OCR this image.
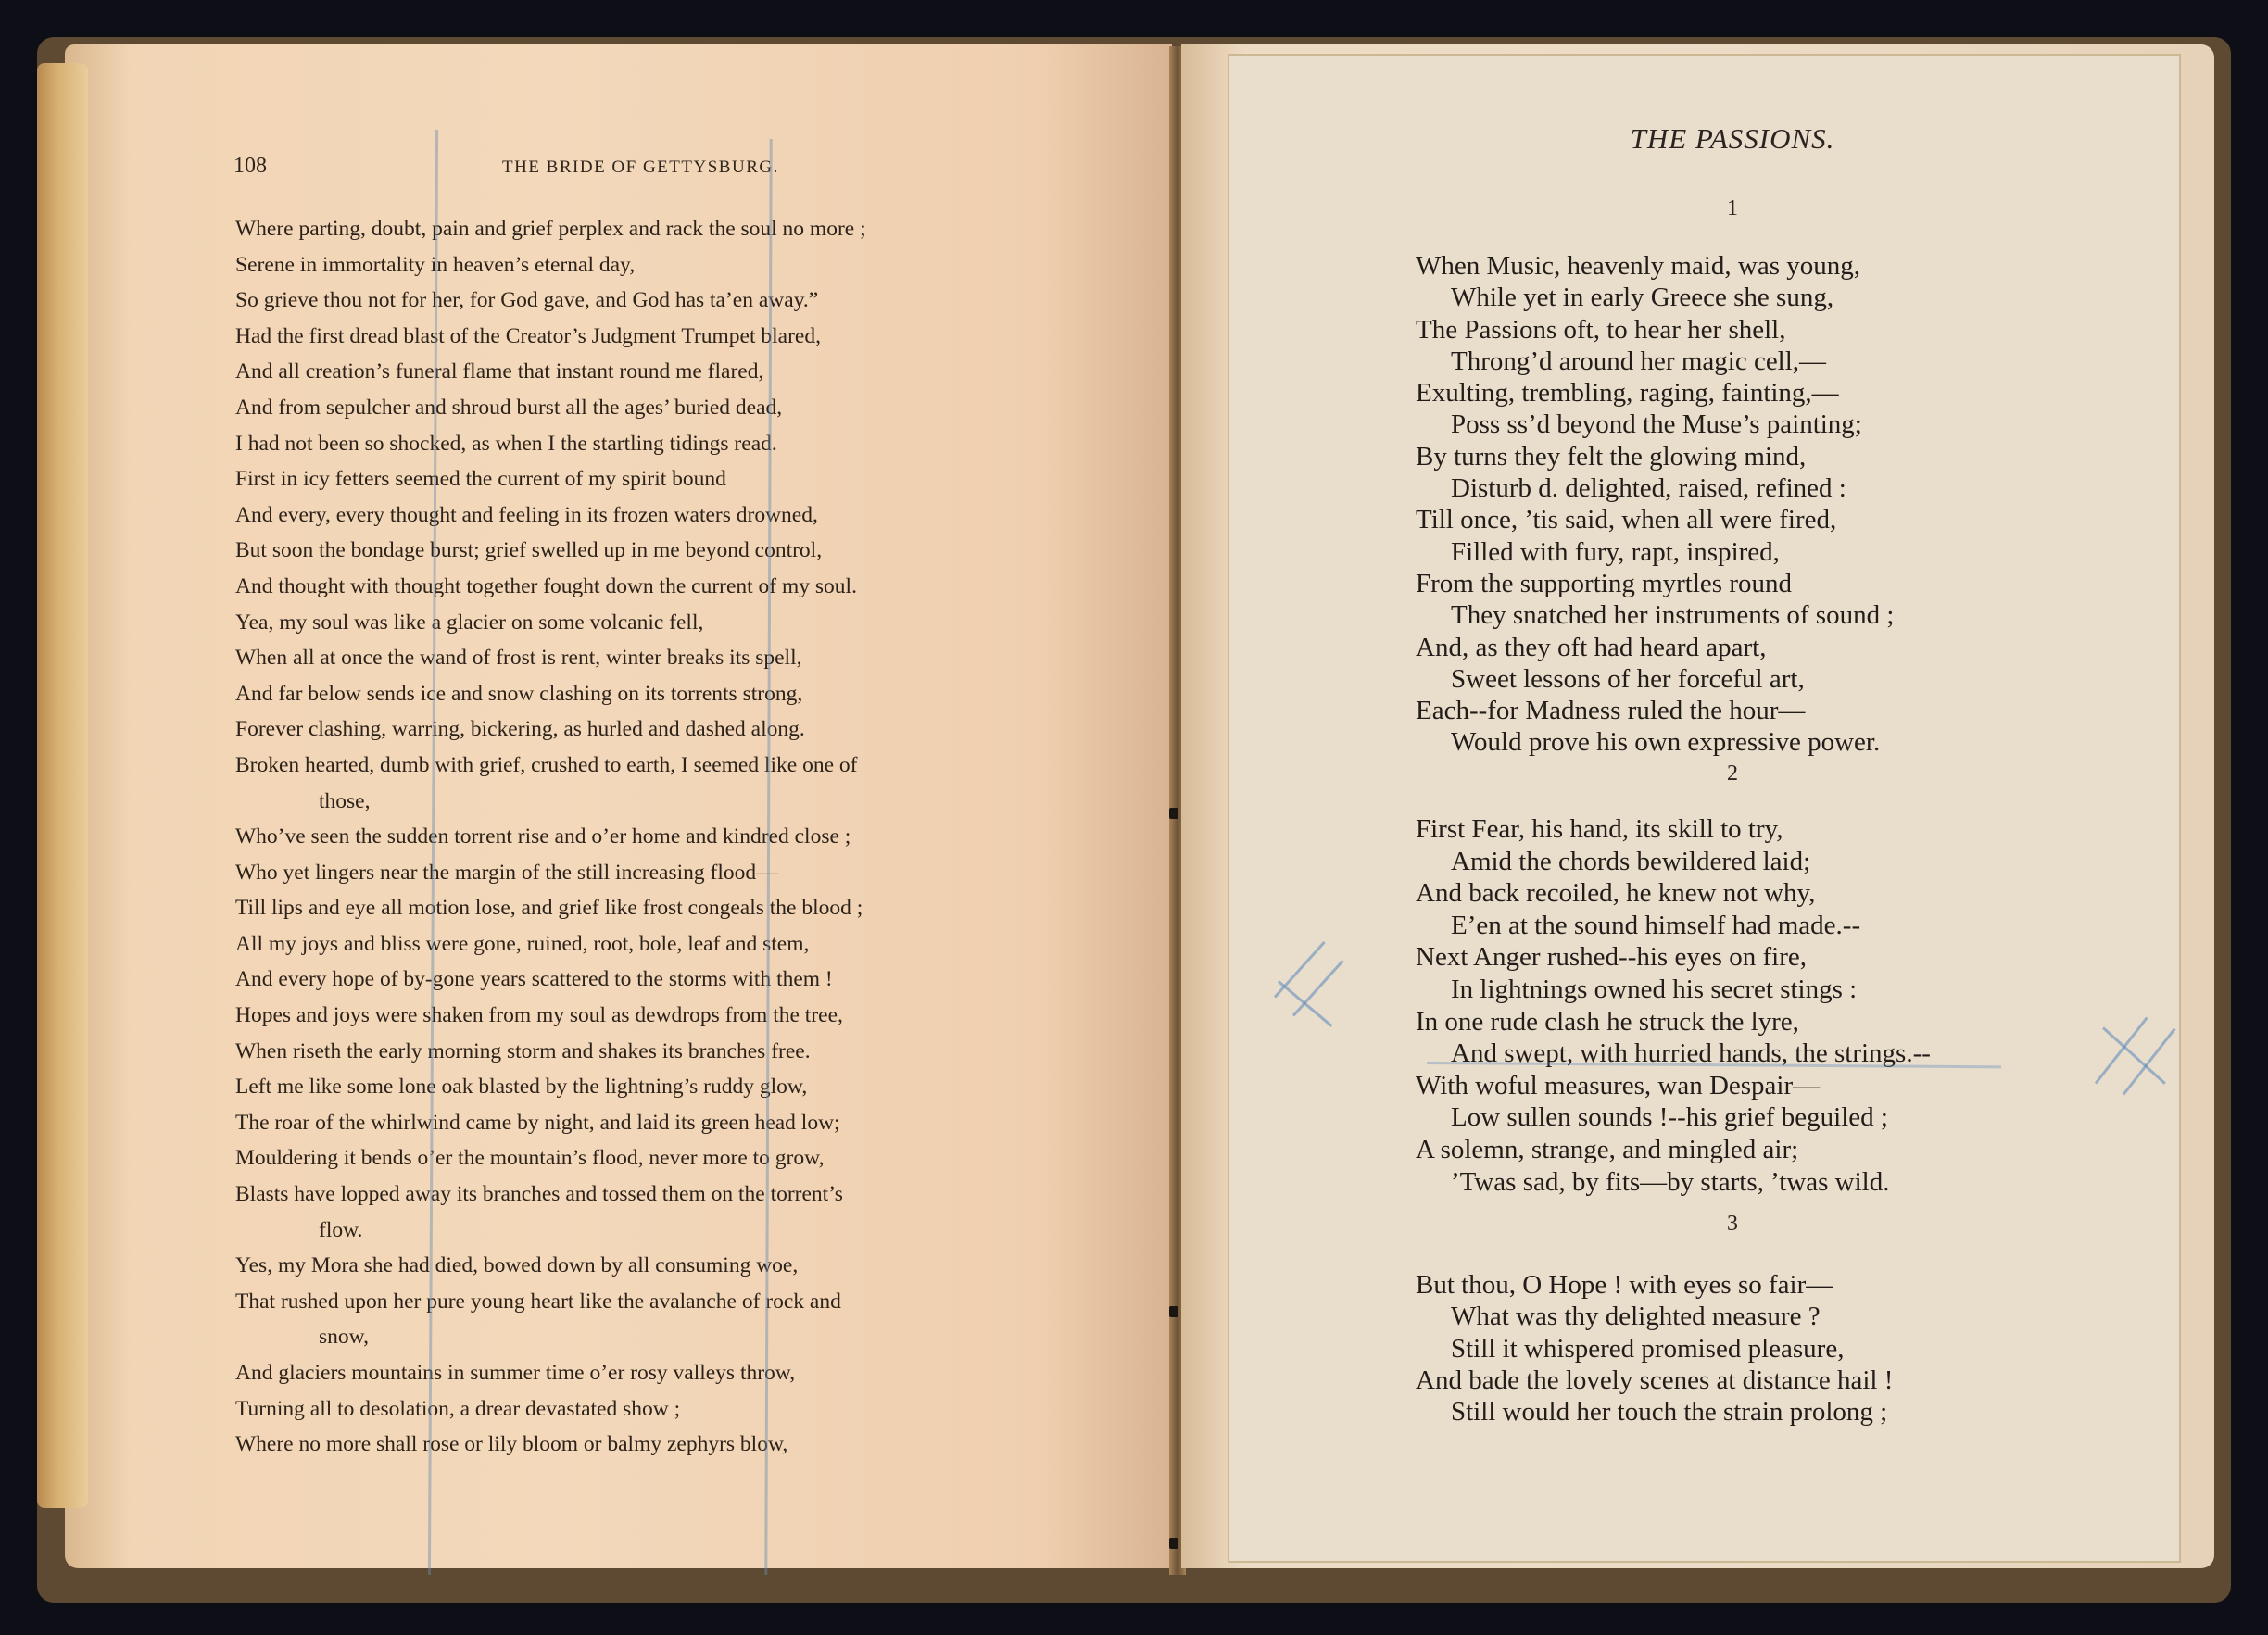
108	THE BRIDE OF GETTYSBURG.
Where parting, doubt, pain and grief perplex and rack the soul no more ;
Serene in immortality in heaven’s eternal day,
So grieve thou not for her, for God gave, and God has ta’en away.”
Had the first dread blast of the Creator’s Judgment Trumpet blared,
And all creation’s funeral flame that instant round me flared,
And from sepulcher and shroud burst all the ages’ buried dead,
I had not been so shocked, as when I the startling tidings read.
First in icy fetters seemed the current of my spirit bound
And every, every thought and feeling in its frozen waters drowned,
But soon the bondage burst; grief swelled up in me beyond control,
And thought with thought together fought down the current of my soul.
Yea, my soul was like a glacier on some volcanic fell,
When all at once the wand of frost is rent, winter breaks its spell,
And far below sends ice and snow clashing on its torrents strong,
Forever clashing, warring, bickering, as hurled and dashed along.
Broken hearted, dumb with grief, crushed to earth, I seemed like one of
those,
Who’ve seen the sudden torrent rise and o’er home and kindred close ;
Who yet lingers near the margin of the still increasing flood—
Till lips and eye all motion lose, and grief like frost congeals the blood ;
All my joys and bliss were gone, ruined, root, bole, leaf and stem,
And every hope of by-gone years scattered to the storms with them !
Hopes and joys were shaken from my soul as dewdrops from the tree,
When riseth the early morning storm and shakes its branches free.
Left me like some lone oak blasted by the lightning’s ruddy glow,
The roar of the whirlwind came by night, and laid its green head low;
Mouldering it bends o’er the mountain’s flood, never more to grow,
Blasts have lopped away its branches and tossed them on the torrent’s
flow.
Yes, my Mora she had died, bowed down by all consuming woe,
That rushed upon her pure young heart like the avalanche of rock and
snow,
And glaciers mountains in summer time o’er rosy valleys throw,
Turning all to desolation, a drear devastated show ;
Where no more shall rose or lily bloom or balmy zephyrs blow,
THE PASSIONS.
1
When Music, heavenly maid, was young,
While yet in early Greece she sung,
The Passions oft, to hear her shell,
Throng’d around her magic cell,—
Exulting, trembling, raging, fainting,—
Poss ss’d beyond the Muse’s painting;
By turns they felt the glowing mind,
Disturb d. delighted, raised, refined :
Till once, ’tis said, when all were fired,
Filled with fury, rapt, inspired,
From the supporting myrtles round
They snatched her instruments of sound ;
And, as they oft had heard apart,
Sweet lessons of her forceful art,
Each--for Madness ruled the hour—
Would prove his own expressive power.
2
First Fear, his hand, its skill to try,
Amid the chords bewildered laid;
And back recoiled, he knew not why,
E’en at the sound himself had made.--
Next Anger rushed--his eyes on fire,
In lightnings owned his secret stings :
In one rude clash he struck the lyre,
And swept, with hurried hands, the strings.--
With woful measures, wan Despair—
Low sullen sounds !--his grief beguiled ;
A solemn, strange, and mingled air;
’Twas sad, by fits—by starts, ’twas wild.
3
But thou, O Hope ! with eyes so fair—
What was thy delighted measure ?
Still it whispered promised pleasure,
And bade the lovely scenes at distance hail !
Still would her touch the strain prolong ;
